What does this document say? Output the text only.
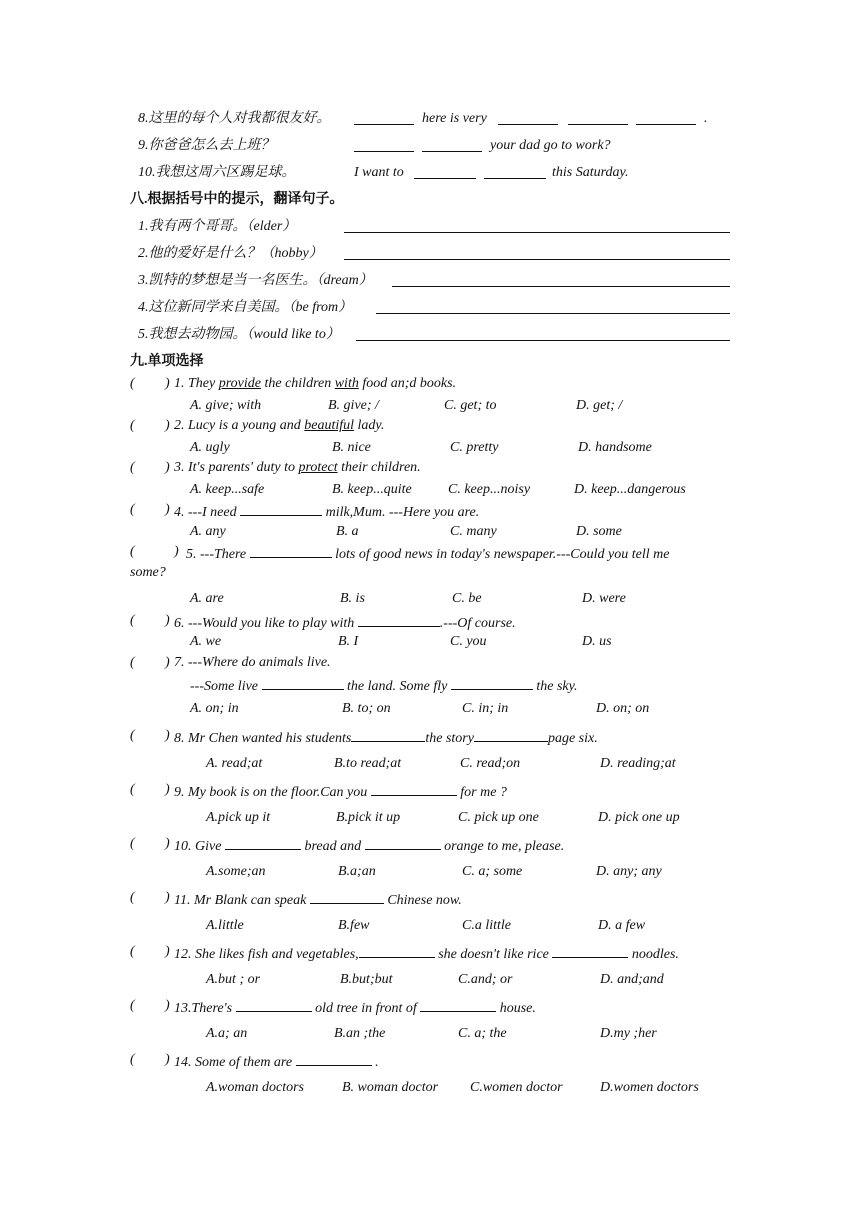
8.这里的每个人对我都很友好。	here is very	.
9.你爸爸怎么去上班？	your dad go to work?
10.我想这周六区踢足球。	I want to	this Saturday.
八.根据括号中的提示，翻译句子。
1.我有两个哥哥。（elder）
2.他的爱好是什么？（hobby）
3.凯特的梦想是当一名医生。（dream）
4.这位新同学来自美国。（be from）
5.我想去动物园。（would like to）
九.单项选择
( ) 1. They provide the children with food an;d books.
A. give; with	B. give; /	C. get; to	D. get; /
( ) 2. Lucy is a young and beautiful lady.
A. ugly	B. nice	C. pretty	D. handsome
( ) 3. It's parents' duty to protect their children.
A. keep...safe	B. keep...quite	C. keep...noisy	D. keep...dangerous
( ) 4. ---I need	milk,Mum. ---Here you are.
A. any	B. a	C. many	D. some
(	) 5. ---There	lots of good news in today's newspaper.---Could you tell me
some?
A. are	B. is	C. be	D. were
( ) 6. ---Would you like to play with	.---Of course.
A. we	B. I	C. you	D. us
( ) 7. ---Where do animals live.
---Some live	the land. Some fly	the sky.
A. on; in	B. to; on	C. in; in	D. on; on
( ) 8. Mr Chen wanted his students	the story	page six.
A. read;at	B.to read;at	C. read;on	D. reading;at
( ) 9. My book is on the floor.Can you	for me ?
A.pick up it	B.pick it up	C. pick up one	D. pick one up
( ) 10. Give	bread and	orange to me, please.
A.some;an	B.a;an	C. a; some	D. any; any
( ) 11. Mr Blank can speak	Chinese now.
A.little	B.few	C.a little	D. a few
( ) 12. She likes fish and vegetables,	she doesn't like rice	noodles.
A.but ; or	B.but;but	C.and; or	D. and;and
( ) 13.There's	old tree in front of	house.
A.a; an	B.an ;the	C. a; the	D.my ;her
( ) 14. Some of them are	.
A.woman doctors	B. woman doctor C.women doctor	D.women doctors
